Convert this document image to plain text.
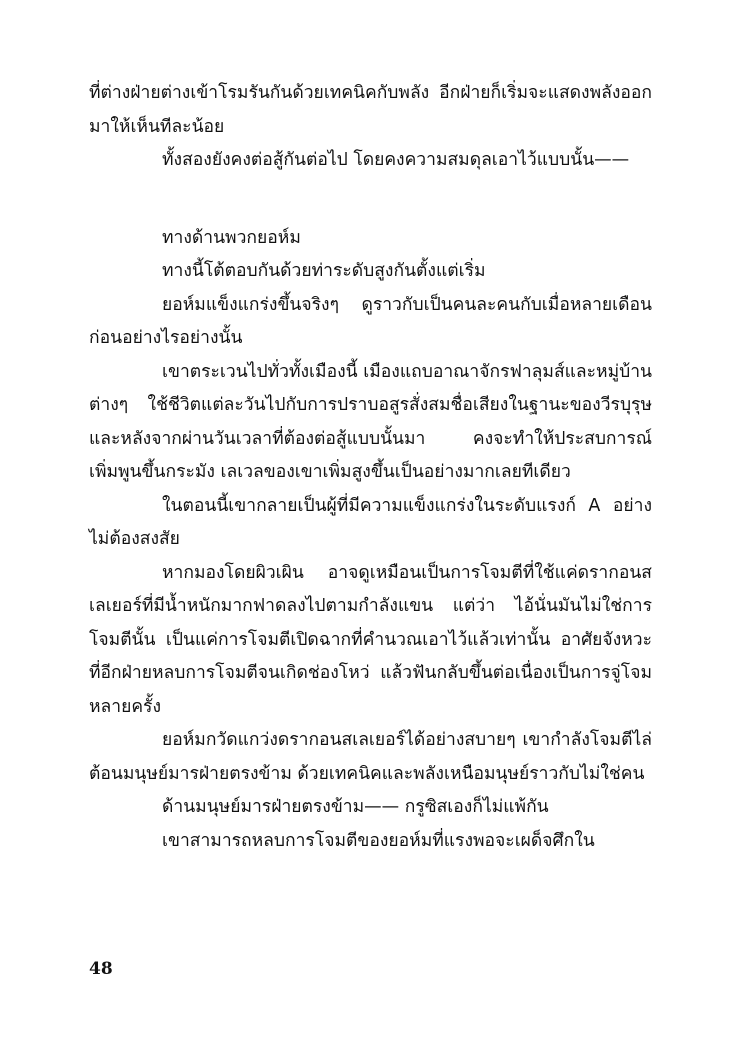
ที่ต่างฝ่ายต่างเข้าโรมรันกันด้วยเทคนิคกับพลัง อีกฝ่ายก็เริ่มจะแสดงพลังออกมาให้เห็นทีละน้อย

ทั้งสองยังคงต่อสู้กันต่อไป โดยคงความสมดุลเอาไว้แบบนั้น——

ทางด้านพวกยอห์ม

ทางนี้โต้ตอบกันด้วยท่าระดับสูงกันตั้งแต่เริ่ม

ยอห์มแข็งแกร่งขึ้นจริงๆ ดูราวกับเป็นคนละคนกับเมื่อหลายเดือนก่อนอย่างไรอย่างนั้น

เขาตระเวนไปทั่วทั้งเมืองนี้ เมืองแถบอาณาจักรฟาลุมส์และหมู่บ้านต่างๆ ใช้ชีวิตแต่ละวันไปกับการปราบอสูรสั่งสมชื่อเสียงในฐานะของวีรบุรุษ และหลังจากผ่านวันเวลาที่ต้องต่อสู้แบบนั้นมา คงจะทำให้ประสบการณ์เพิ่มพูนขึ้นกระมัง เลเวลของเขาเพิ่มสูงขึ้นเป็นอย่างมากเลยทีเดียว

ในตอนนี้เขากลายเป็นผู้ที่มีความแข็งแกร่งในระดับแรงก์ A อย่างไม่ต้องสงสัย

หากมองโดยผิวเผิน อาจดูเหมือนเป็นการโจมตีที่ใช้แค่ดรากอนสเลเยอร์ที่มีน้ำหนักมากฟาดลงไปตามกำลังแขน แต่ว่า ไอ้นั่นมันไม่ใช่การโจมตีนั้น เป็นแค่การโจมตีเปิดฉากที่คำนวณเอาไว้แล้วเท่านั้น อาศัยจังหวะที่อีกฝ่ายหลบการโจมตีจนเกิดช่องโหว่ แล้วฟันกลับขึ้นต่อเนื่องเป็นการจู่โจมหลายครั้ง

ยอห์มกวัดแกว่งดรากอนสเลเยอร์ได้อย่างสบายๆ เขากำลังโจมตีไล่ต้อนมนุษย์มารฝ่ายตรงข้าม ด้วยเทคนิคและพลังเหนือมนุษย์ราวกับไม่ใช่คน

ด้านมนุษย์มารฝ่ายตรงข้าม—— กรูซิสเองก็ไม่แพ้กัน

เขาสามารถหลบการโจมตีของยอห์มที่แรงพอจะเผด็จศึกใน

48
